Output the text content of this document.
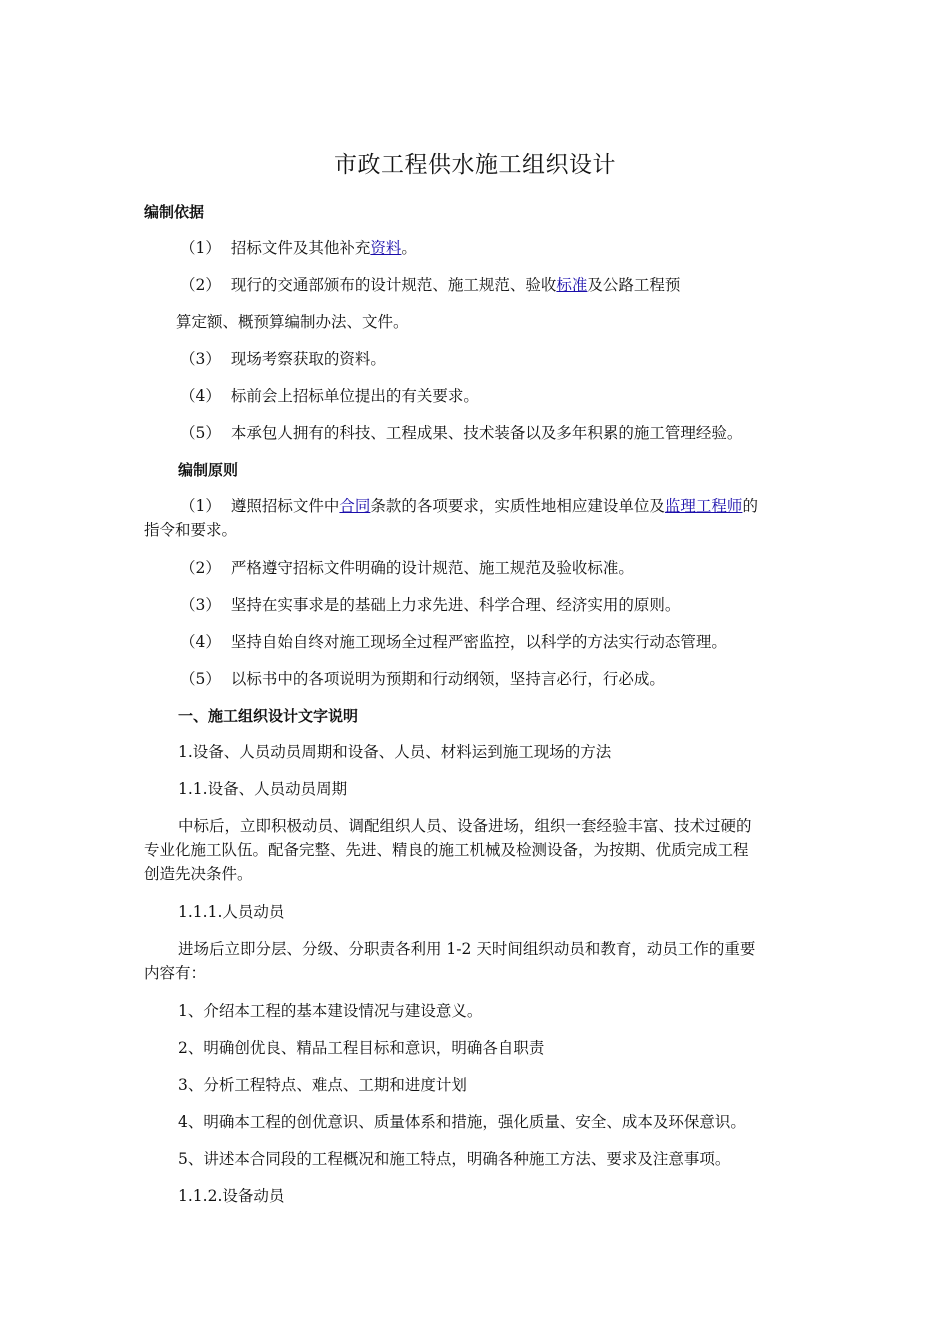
市政工程供水施工组织设计
编制依据
（1） 招标文件及其他补充资料。
（2） 现行的交通部颁布的设计规范、施工规范、验收标准及公路工程预
算定额、概预算编制办法、文件。
（3） 现场考察获取的资料。
（4） 标前会上招标单位提出的有关要求。
（5） 本承包人拥有的科技、工程成果、技术装备以及多年积累的施工管理经验。
编制原则
（1） 遵照招标文件中合同条款的各项要求，实质性地相应建设单位及监理工程师的
指令和要求。
（2） 严格遵守招标文件明确的设计规范、施工规范及验收标准。
（3） 坚持在实事求是的基础上力求先进、科学合理、经济实用的原则。
（4） 坚持自始自终对施工现场全过程严密监控，以科学的方法实行动态管理。
（5） 以标书中的各项说明为预期和行动纲领，坚持言必行，行必成。
一、施工组织设计文字说明
1.设备、人员动员周期和设备、人员、材料运到施工现场的方法
1.1.设备、人员动员周期
中标后，立即积极动员、调配组织人员、设备进场，组织一套经验丰富、技术过硬的
专业化施工队伍。配备完整、先进、精良的施工机械及检测设备，为按期、优质完成工程
创造先决条件。
1.1.1.人员动员
进场后立即分层、分级、分职责各利用 1-2 天时间组织动员和教育，动员工作的重要
内容有：
1、介绍本工程的基本建设情况与建设意义。
2、明确创优良、精品工程目标和意识，明确各自职责
3、分析工程特点、难点、工期和进度计划
4、明确本工程的创优意识、质量体系和措施，强化质量、安全、成本及环保意识。
5、讲述本合同段的工程概况和施工特点，明确各种施工方法、要求及注意事项。
1.1.2.设备动员
